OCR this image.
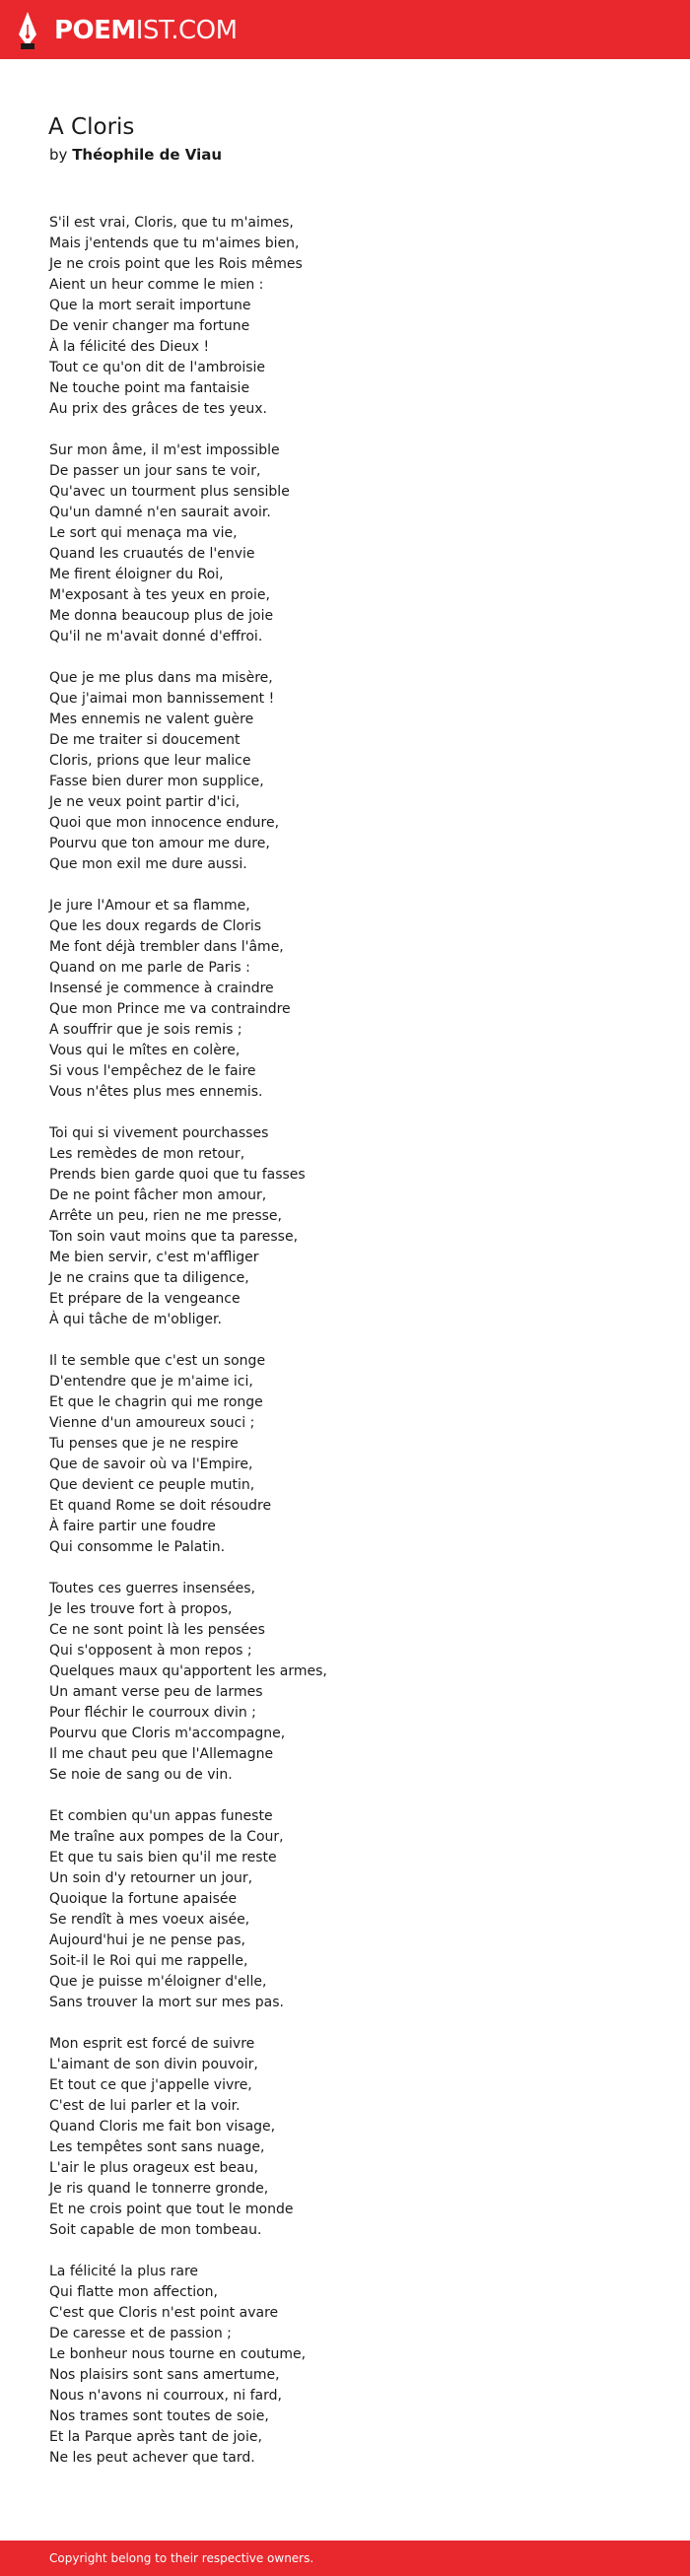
POEMIST.COM
A Cloris
by Théophile de Viau
S'il est vrai, Cloris, que tu m'aimes,
Mais j'entends que tu m'aimes bien,
Je ne crois point que les Rois mêmes
Aient un heur comme le mien :
Que la mort serait importune
De venir changer ma fortune
À la félicité des Dieux !
Tout ce qu'on dit de l'ambroisie
Ne touche point ma fantaisie
Au prix des grâces de tes yeux.
Sur mon âme, il m'est impossible
De passer un jour sans te voir,
Qu'avec un tourment plus sensible
Qu'un damné n'en saurait avoir.
Le sort qui menaça ma vie,
Quand les cruautés de l'envie
Me firent éloigner du Roi,
M'exposant à tes yeux en proie,
Me donna beaucoup plus de joie
Qu'il ne m'avait donné d'effroi.
Que je me plus dans ma misère,
Que j'aimai mon bannissement !
Mes ennemis ne valent guère
De me traiter si doucement
Cloris, prions que leur malice
Fasse bien durer mon supplice,
Je ne veux point partir d'ici,
Quoi que mon innocence endure,
Pourvu que ton amour me dure,
Que mon exil me dure aussi.
Je jure l'Amour et sa flamme,
Que les doux regards de Cloris
Me font déjà trembler dans l'âme,
Quand on me parle de Paris :
Insensé je commence à craindre
Que mon Prince me va contraindre
A souffrir que je sois remis ;
Vous qui le mîtes en colère,
Si vous l'empêchez de le faire
Vous n'êtes plus mes ennemis.
Toi qui si vivement pourchasses
Les remèdes de mon retour,
Prends bien garde quoi que tu fasses
De ne point fâcher mon amour,
Arrête un peu, rien ne me presse,
Ton soin vaut moins que ta paresse,
Me bien servir, c'est m'affliger
Je ne crains que ta diligence,
Et prépare de la vengeance
À qui tâche de m'obliger.
Il te semble que c'est un songe
D'entendre que je m'aime ici,
Et que le chagrin qui me ronge
Vienne d'un amoureux souci ;
Tu penses que je ne respire
Que de savoir où va l'Empire,
Que devient ce peuple mutin,
Et quand Rome se doit résoudre
À faire partir une foudre
Qui consomme le Palatin.
Toutes ces guerres insensées,
Je les trouve fort à propos,
Ce ne sont point là les pensées
Qui s'opposent à mon repos ;
Quelques maux qu'apportent les armes,
Un amant verse peu de larmes
Pour fléchir le courroux divin ;
Pourvu que Cloris m'accompagne,
Il me chaut peu que l'Allemagne
Se noie de sang ou de vin.
Et combien qu'un appas funeste
Me traîne aux pompes de la Cour,
Et que tu sais bien qu'il me reste
Un soin d'y retourner un jour,
Quoique la fortune apaisée
Se rendît à mes voeux aisée,
Aujourd'hui je ne pense pas,
Soit-il le Roi qui me rappelle,
Que je puisse m'éloigner d'elle,
Sans trouver la mort sur mes pas.
Mon esprit est forcé de suivre
L'aimant de son divin pouvoir,
Et tout ce que j'appelle vivre,
C'est de lui parler et la voir.
Quand Cloris me fait bon visage,
Les tempêtes sont sans nuage,
L'air le plus orageux est beau,
Je ris quand le tonnerre gronde,
Et ne crois point que tout le monde
Soit capable de mon tombeau.
La félicité la plus rare
Qui flatte mon affection,
C'est que Cloris n'est point avare
De caresse et de passion ;
Le bonheur nous tourne en coutume,
Nos plaisirs sont sans amertume,
Nous n'avons ni courroux, ni fard,
Nos trames sont toutes de soie,
Et la Parque après tant de joie,
Ne les peut achever que tard.
Copyright belong to their respective owners.
